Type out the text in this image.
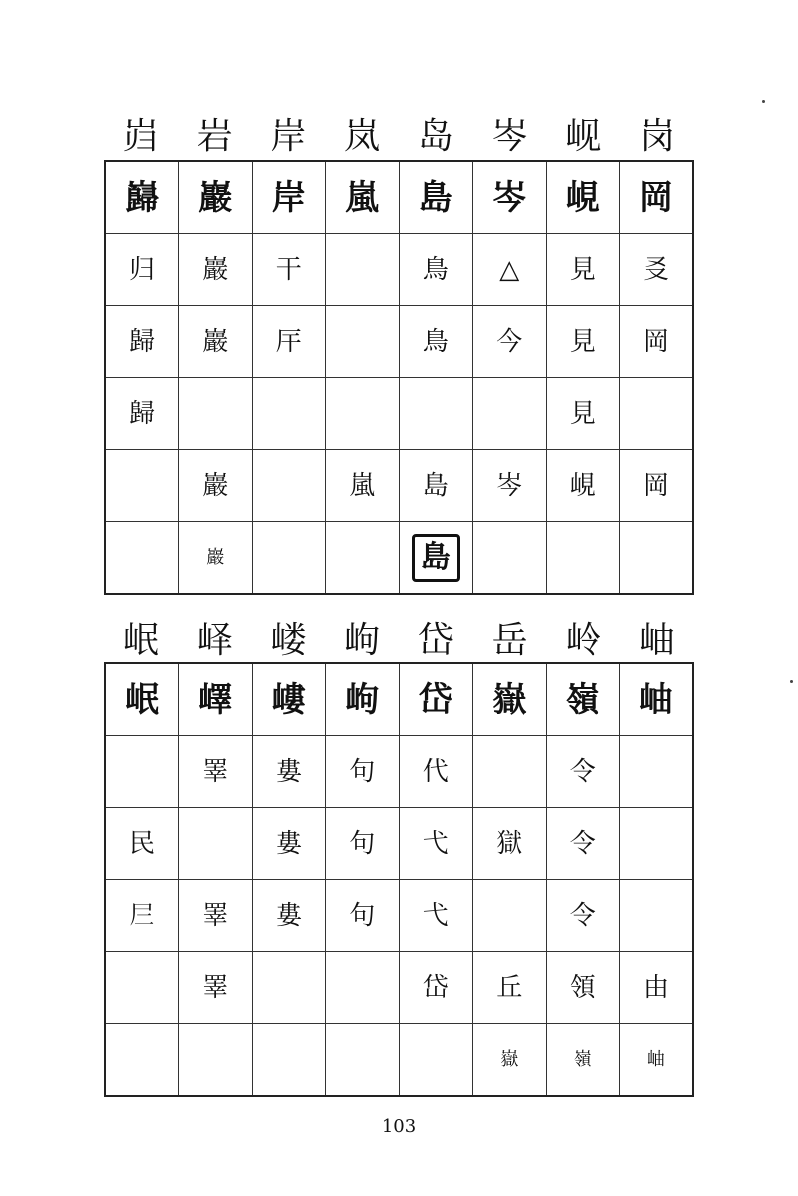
岿	岩	岸	岚	岛	岑	岘	岗
巋	巖	岸	嵐	島	岑	峴	岡
归	巖	干		鳥	△	見	㕛
歸	巖	厈		鳥	今	見	岡
歸						見	
	巖		嵐	島	岑	峴	岡
	巖			島			
岷	峄	嵝	岣	岱	岳	岭	岫
岷	嶧	嶁	岣	岱	嶽	嶺	岫
	睪	婁	句	代		令	
民		婁	句	弋	獄	令	
𡰥	睪	婁	句	弋		令	
	睪			岱	丘	領	由
					嶽	嶺	岫
103
